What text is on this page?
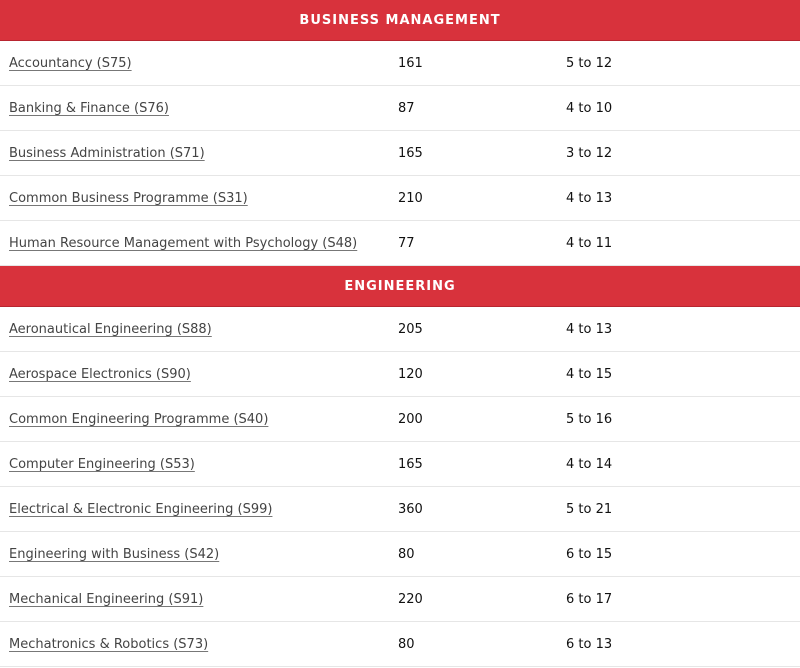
BUSINESS MANAGEMENT
Accountancy (S75)	161	5 to 12
Banking & Finance (S76)	87	4 to 10
Business Administration (S71)	165	3 to 12
Common Business Programme (S31)	210	4 to 13
Human Resource Management with Psychology (S48)	77	4 to 11
ENGINEERING
Aeronautical Engineering (S88)	205	4 to 13
Aerospace Electronics (S90)	120	4 to 15
Common Engineering Programme (S40)	200	5 to 16
Computer Engineering (S53)	165	4 to 14
Electrical & Electronic Engineering (S99)	360	5 to 21
Engineering with Business (S42)	80	6 to 15
Mechanical Engineering (S91)	220	6 to 17
Mechatronics & Robotics (S73)	80	6 to 13
